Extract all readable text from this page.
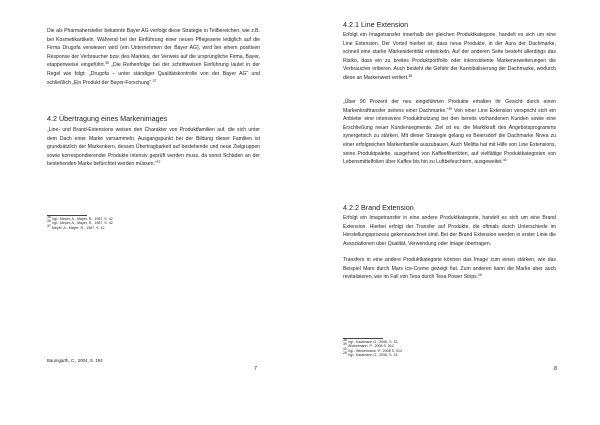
Die als Pharmahersteller bekannte Bayer AG verfolgt diese Strategie in Teilbereichen, wie z.B. bei Kosmetikartikeln. Während bei der Einführung einer neuen Pflegeserie lediglich auf die Firma Drugofa verwiesen wird (ein Unternehmen der Bayer AG), wird bei einem positiven Response der Verbraucher bzw. des Marktes, der Verweis auf die ursprüngliche Firma, Bayer, etappenweise eingeführt.$^{35}$ „Die Reihenfolge bei der schrittweisen Einführung lautet in der Regel wie folgt: „Drugofa – unter ständiger Qualitätskontrolle von der Bayer AG“ und schließlich „Ein Produkt der Bayer-Forschung“.$^{37}$

4.2 Übertragung eines Markenimages

„Line- und Brand-Extensions weisen den Charakter von Produktfamilien auf, die sich unter dem Dach einer Marke versammeln. Ausgangspunkt bei der Bildung dieser Familien ist grundsätzlich der Markenkern, dessen Übertragbarkeit auf bestehende und neue Zielgruppen sowie korrespondierender Produkte intensiv geprüft werden muss, da sonst Schäden an der bestehenden Marke befürchtet werden müssen.“$^{37}$

$^{35}$ Vgl.: Meyer, A., Mayer, R., 1987, S. 42
$^{36}$ Vgl.: Meyer, A., Mayer, R., 1987, S. 42
$^{37}$ Meyer, A., Mayer, R., 1987, S. 42
Baumgarth, C., 2004, S. 194
7
4.2.1 Line Extension

Erfolgt ein Imagetransfer innerhalb der gleichen Produktkategorie, handelt es sich um eine Line Extension. Der Vorteil hierbei ist, dass neue Produkte, in der Aura der Dachmarke, schnell eine starke Markenidentität entwickeln. Auf der anderen Seite besteht allerdings das Risiko, dass ein zu breites Produktportfolio oder inkonsistente Markenerweiterungen die Verbraucher irritieren. Auch besteht die Gefahr der Kannibalisierung der Dachmarke, wodurch diese an Markenwert verliert.$^{38}$

„Über 90 Prozent der neu eingeführten Produkte erhalten ihr Gesicht durch einen Markenkraftransfer seitens einer Dachmarke.“$^{39}$ Von einer Line Extension verspricht sich ein Anbieter eine intensivere Produktnutzung bei den bereits vorhandenen Kunden sowie eine Erschließung neuer Kundensegmente. Ziel ist es, die Marktkraft des Angebotsprogramms synergetisch zu stärken. Mit dieser Strategie gelang es Beiersdorf die Dachmarke Nivea zu einer erfolgreichen Markenfamilie auszubauen. Auch Melitta hat mit Hilfe von Line Extensions, seine Produktpalette, ausgehend von Kaffeefiltertüten, auf vielfältige Produktkategorien von Lebensmittelfolien über Kaffee bis hin zu Luftbefeuchtern, ausgeweitet.$^{40}$

4.2.2 Brand Extension

Erfolgt ein Imagetransfer in eine andere Produktkategorie, handelt es sich um eine Brand Extension. Hierbei erfolgt der Transfer auf Produkte, die oftmals durch Unterschiede im Herstellungsprozess gekennzeichnet sind. Bei der Brand Extension werden in erster Linie die Assoziationen über Qualität, Verwendung oder Image übertragen.

Transfers in eine andere Produktkategorie können das Image zum einen stärken, wie das Beispiel Mars durch Mars Ice-Creme gezeigt hat. Zum anderen kann die Marke aber auch revitalisieren, wie im Fall von Tesa durch Tesa Power Strips.$^{26}$

$^{38}$ Vgl.: Kaufmann G., 2006, S. 33
$^{39}$ Winkelmann, P., 2008 S. 512
$^{40}$ Vgl.: Winkelmann, P., 2008 S. 512
$^{26}$ Vgl.: Kaufmann G., 2006, S. 33
8
